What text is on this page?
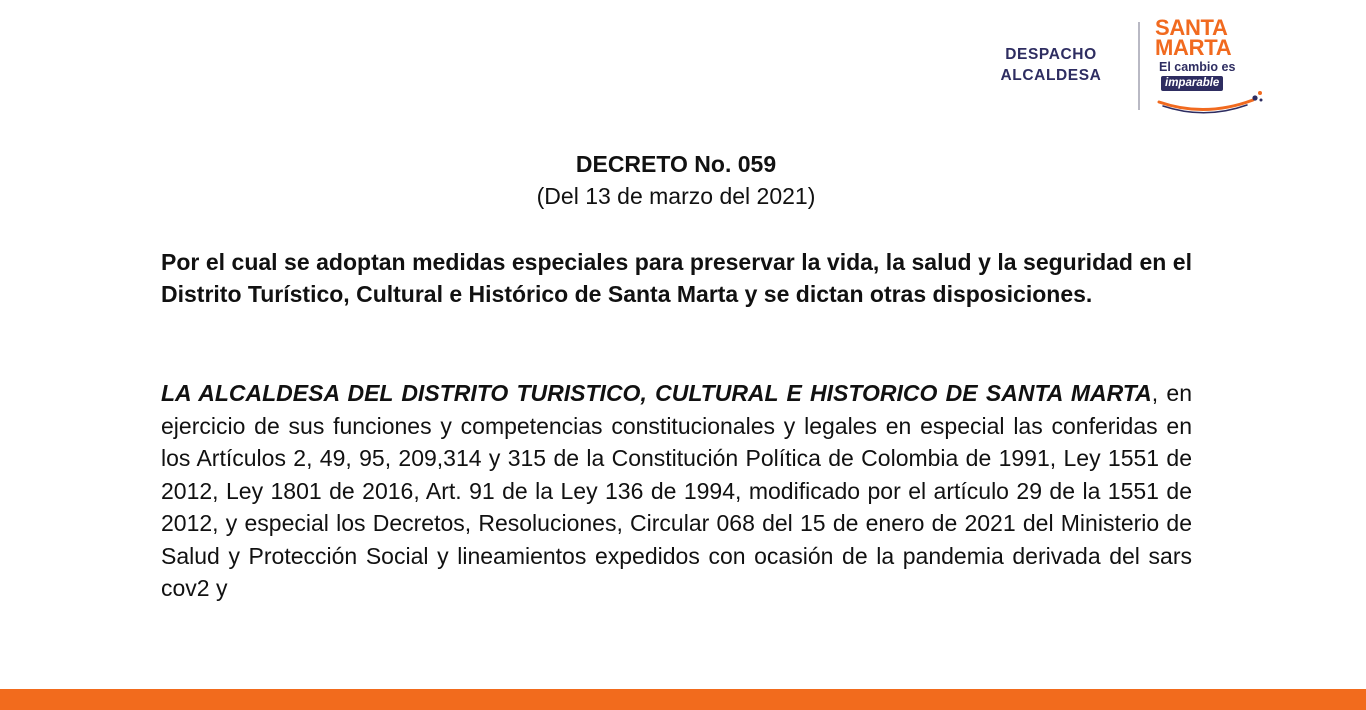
DESPACHO
ALCALDESA
SANTA
MARTA
El cambio es
imparable
DECRETO No. 059
(Del 13 de marzo del 2021)
Por el cual se adoptan medidas especiales para preservar la vida, la salud y la seguridad en el Distrito Turístico, Cultural e Histórico de Santa Marta y se dictan otras disposiciones.
LA ALCALDESA DEL DISTRITO TURISTICO, CULTURAL E HISTORICO DE SANTA MARTA, en ejercicio de sus funciones y competencias constitucionales y legales en especial las conferidas en los Artículos 2, 49, 95, 209,314 y 315 de la Constitución Política de Colombia de 1991, Ley 1551 de 2012, Ley 1801 de 2016, Art. 91 de la Ley 136 de 1994, modificado por el artículo 29 de la 1551 de 2012, y especial los Decretos, Resoluciones, Circular 068 del 15 de enero de 2021 del Ministerio de Salud y Protección Social y lineamientos expedidos con ocasión de la pandemia derivada del sars cov2 y
